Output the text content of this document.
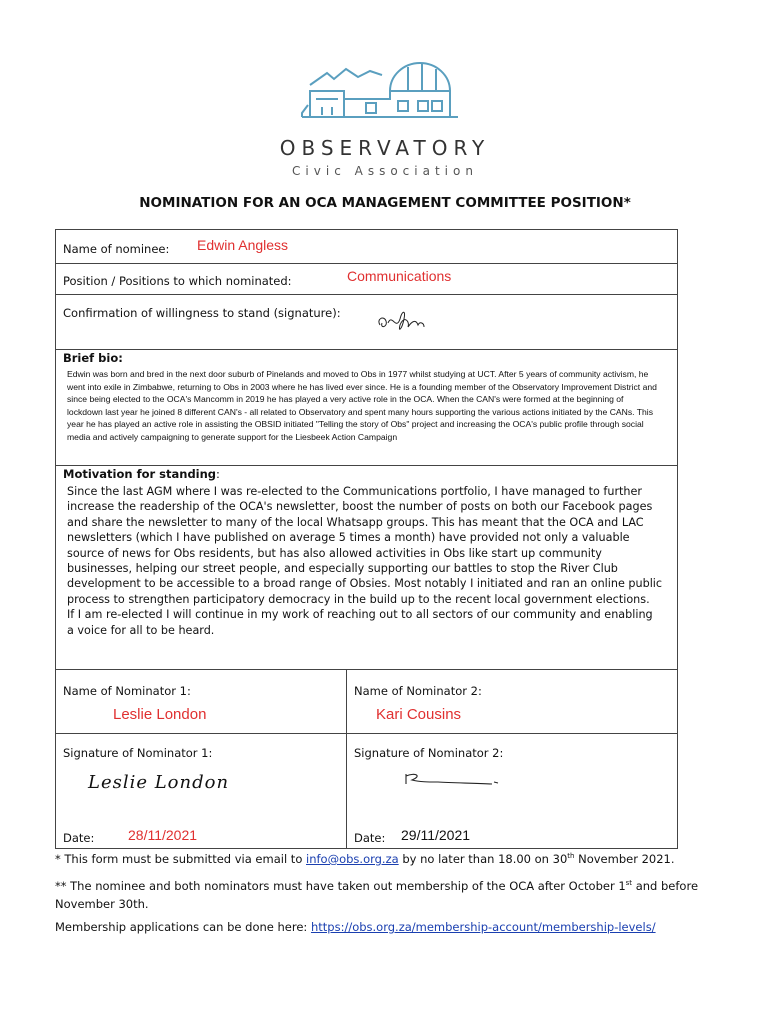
OBSERVATORY
Civic Association
NOMINATION FOR AN OCA MANAGEMENT COMMITTEE POSITION*
Name of nominee: Edwin Angless
Position / Positions to which nominated:	Communications
Confirmation of willingness to stand (signature):
Brief bio:
Edwin was born and bred in the next door suburb of Pinelands and moved to Obs in 1977 whilst studying at UCT. After 5 years of community activism, he went into exile in Zimbabwe, returning to Obs in 2003 where he has lived ever since. He is a founding member of the Observatory Improvement District and since being elected to the OCA's Mancomm in 2019 he has played a very active role in the OCA. When the CAN's were formed at the beginning of lockdown last year he joined 8 different CAN's - all related to Observatory and spent many hours supporting the various actions initiated by the CANs. This year he has played an active role in assisting the OBSID initiated "Telling the story of Obs" project and increasing the OCA's public profile through social media and actively campaigning to generate support for the Liesbeek Action Campaign
Motivation for standing:

Since the last AGM where I was re-elected to the Communications portfolio, I have managed to further increase the readership of the OCA's newsletter, boost the number of posts on both our Facebook pages and share the newsletter to many of the local Whatsapp groups. This has meant that the OCA and LAC newsletters (which I have published on average 5 times a month) have provided not only a valuable source of news for Obs residents, but has also allowed activities in Obs like start up community businesses, helping our street people, and especially supporting our battles to stop the River Club development to be accessible to a broad range of Obsies. Most notably I initiated and ran an online public process to strengthen participatory democracy in the build up to the recent local government elections.

If I am re-elected I will continue in my work of reaching out to all sectors of our community and enabling a voice for all to be heard.

Name of Nominator 1:
Leslie London
Name of Nominator 2:
Kari Cousins
Signature of Nominator 1:
Leslie London
Signature of Nominator 2:
Date: 28/11/2021	Date: 29/11/2021
* This form must be submitted via email to info@obs.org.za by no later than 18.00 on 30th November 2021.
** The nominee and both nominators must have taken out membership of the OCA after October 1st and before November 30th.
Membership applications can be done here: https://obs.org.za/membership-account/membership-levels/
